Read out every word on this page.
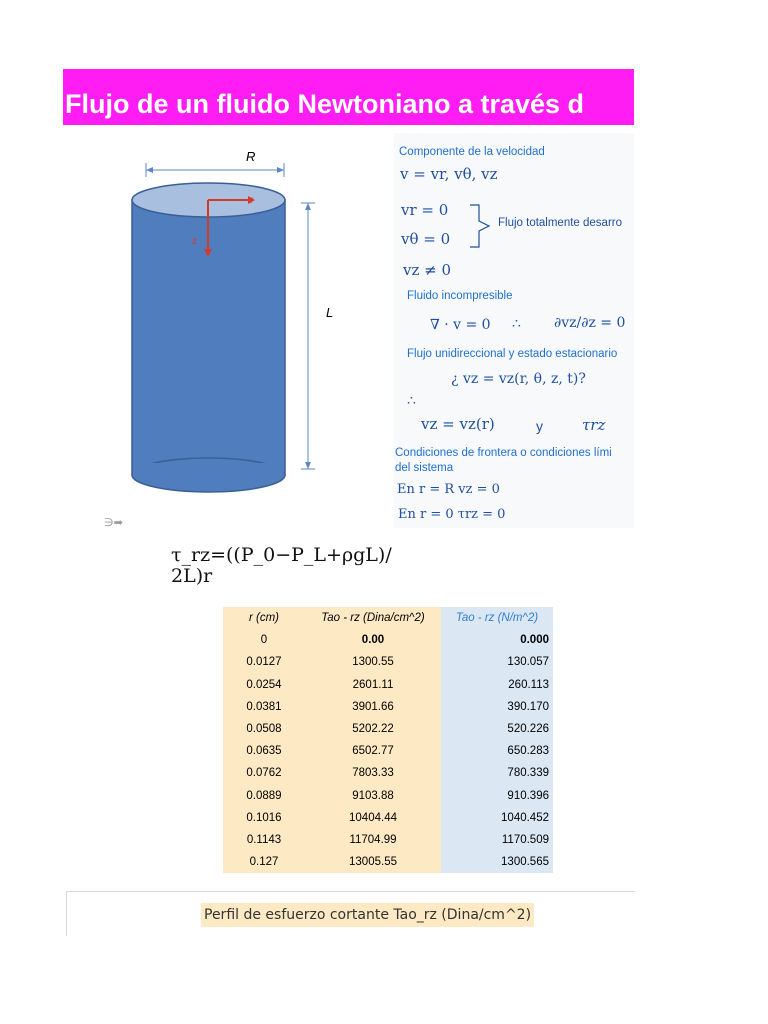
Flujo de un fluido Newtoniano a través d
R
r
z
L
Componente de la velocidad
v = vr, vθ, vz
vr = 0
vθ = 0
Flujo totalmente desarro
vz ≠ 0
Fluido incompresible
∇ · v = 0 ∴ ∂vz/∂z = 0
Flujo unidireccional y estado estacionario
¿ vz = vz(r, θ, z, t)?
∴
vz = vz(r)	y	τrz
Condiciones de frontera o condiciones lími
del sistema
En r = R vz = 0
En r = 0 τrz = 0
∋➡
τ_rz=((P_0−P_L+ρgL)/
2L)r
r (cm)	Tao - rz (Dina/cm^2)	Tao - rz (N/m^2)
0	0.00	0.000
0.0127	1300.55	130.057
0.0254	2601.11	260.113
0.0381	3901.66	390.170
0.0508	5202.22	520.226
0.0635	6502.77	650.283
0.0762	7803.33	780.339
0.0889	9103.88	910.396
0.1016	10404.44	1040.452
0.1143	11704.99	1170.509
0.127	13005.55	1300.565
Perfil de esfuerzo cortante Tao_rz (Dina/cm^2)
